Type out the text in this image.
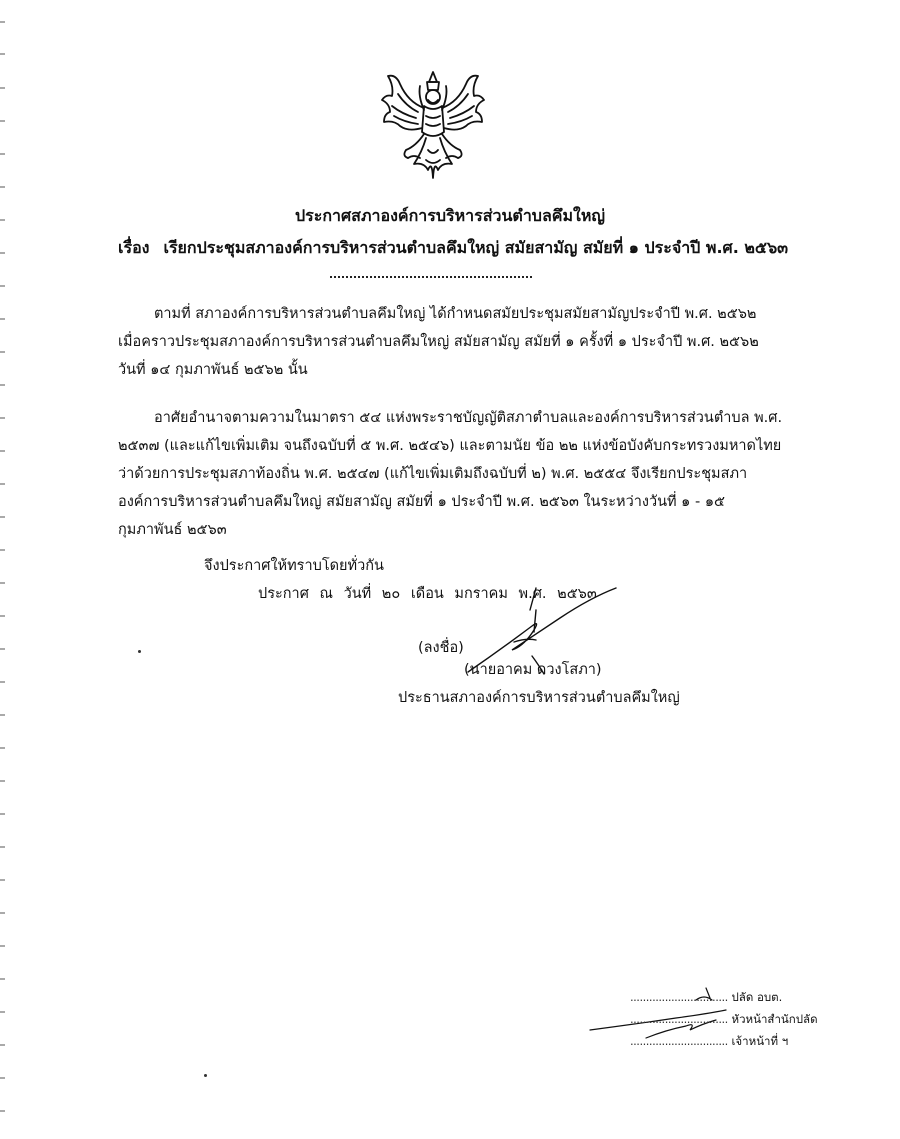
ประกาศสภาองค์การบริหารส่วนตำบลคึมใหญ่
เรื่อง เรียกประชุมสภาองค์การบริหารส่วนตำบลคึมใหญ่ สมัยสามัญ สมัยที่ ๑ ประจำปี พ.ศ. ๒๕๖๓
ตามที่ สภาองค์การบริหารส่วนตำบลคึมใหญ่ ได้กำหนดสมัยประชุมสมัยสามัญประจำปี พ.ศ. ๒๕๖๒
เมื่อคราวประชุมสภาองค์การบริหารส่วนตำบลคึมใหญ่ สมัยสามัญ สมัยที่ ๑ ครั้งที่ ๑ ประจำปี พ.ศ. ๒๕๖๒
วันที่ ๑๔ กุมภาพันธ์ ๒๕๖๒ นั้น
อาศัยอำนาจตามความในมาตรา ๕๔ แห่งพระราชบัญญัติสภาตำบลและองค์การบริหารส่วนตำบล พ.ศ.
๒๕๓๗ (และแก้ไขเพิ่มเติม จนถึงฉบับที่ ๕ พ.ศ. ๒๕๔๖) และตามนัย ข้อ ๒๒ แห่งข้อบังคับกระทรวงมหาดไทย
ว่าด้วยการประชุมสภาท้องถิ่น พ.ศ. ๒๕๔๗ (แก้ไขเพิ่มเติมถึงฉบับที่ ๒) พ.ศ. ๒๕๕๔ จึงเรียกประชุมสภา
องค์การบริหารส่วนตำบลคึมใหญ่ สมัยสามัญ สมัยที่ ๑ ประจำปี พ.ศ. ๒๕๖๓ ในระหว่างวันที่ ๑ - ๑๕
กุมภาพันธ์ ๒๕๖๓
จึงประกาศให้ทราบโดยทั่วกัน
ประกาศ ณ วันที่ ๒๐ เดือน มกราคม พ.ศ. ๒๕๖๓
(ลงชื่อ)
(นายอาคม ดวงโสภา)
ประธานสภาองค์การบริหารส่วนตำบลคึมใหญ่
............................... ปลัด อบต.
............................... หัวหน้าสำนักปลัด
............................... เจ้าหน้าที่ ฯ
